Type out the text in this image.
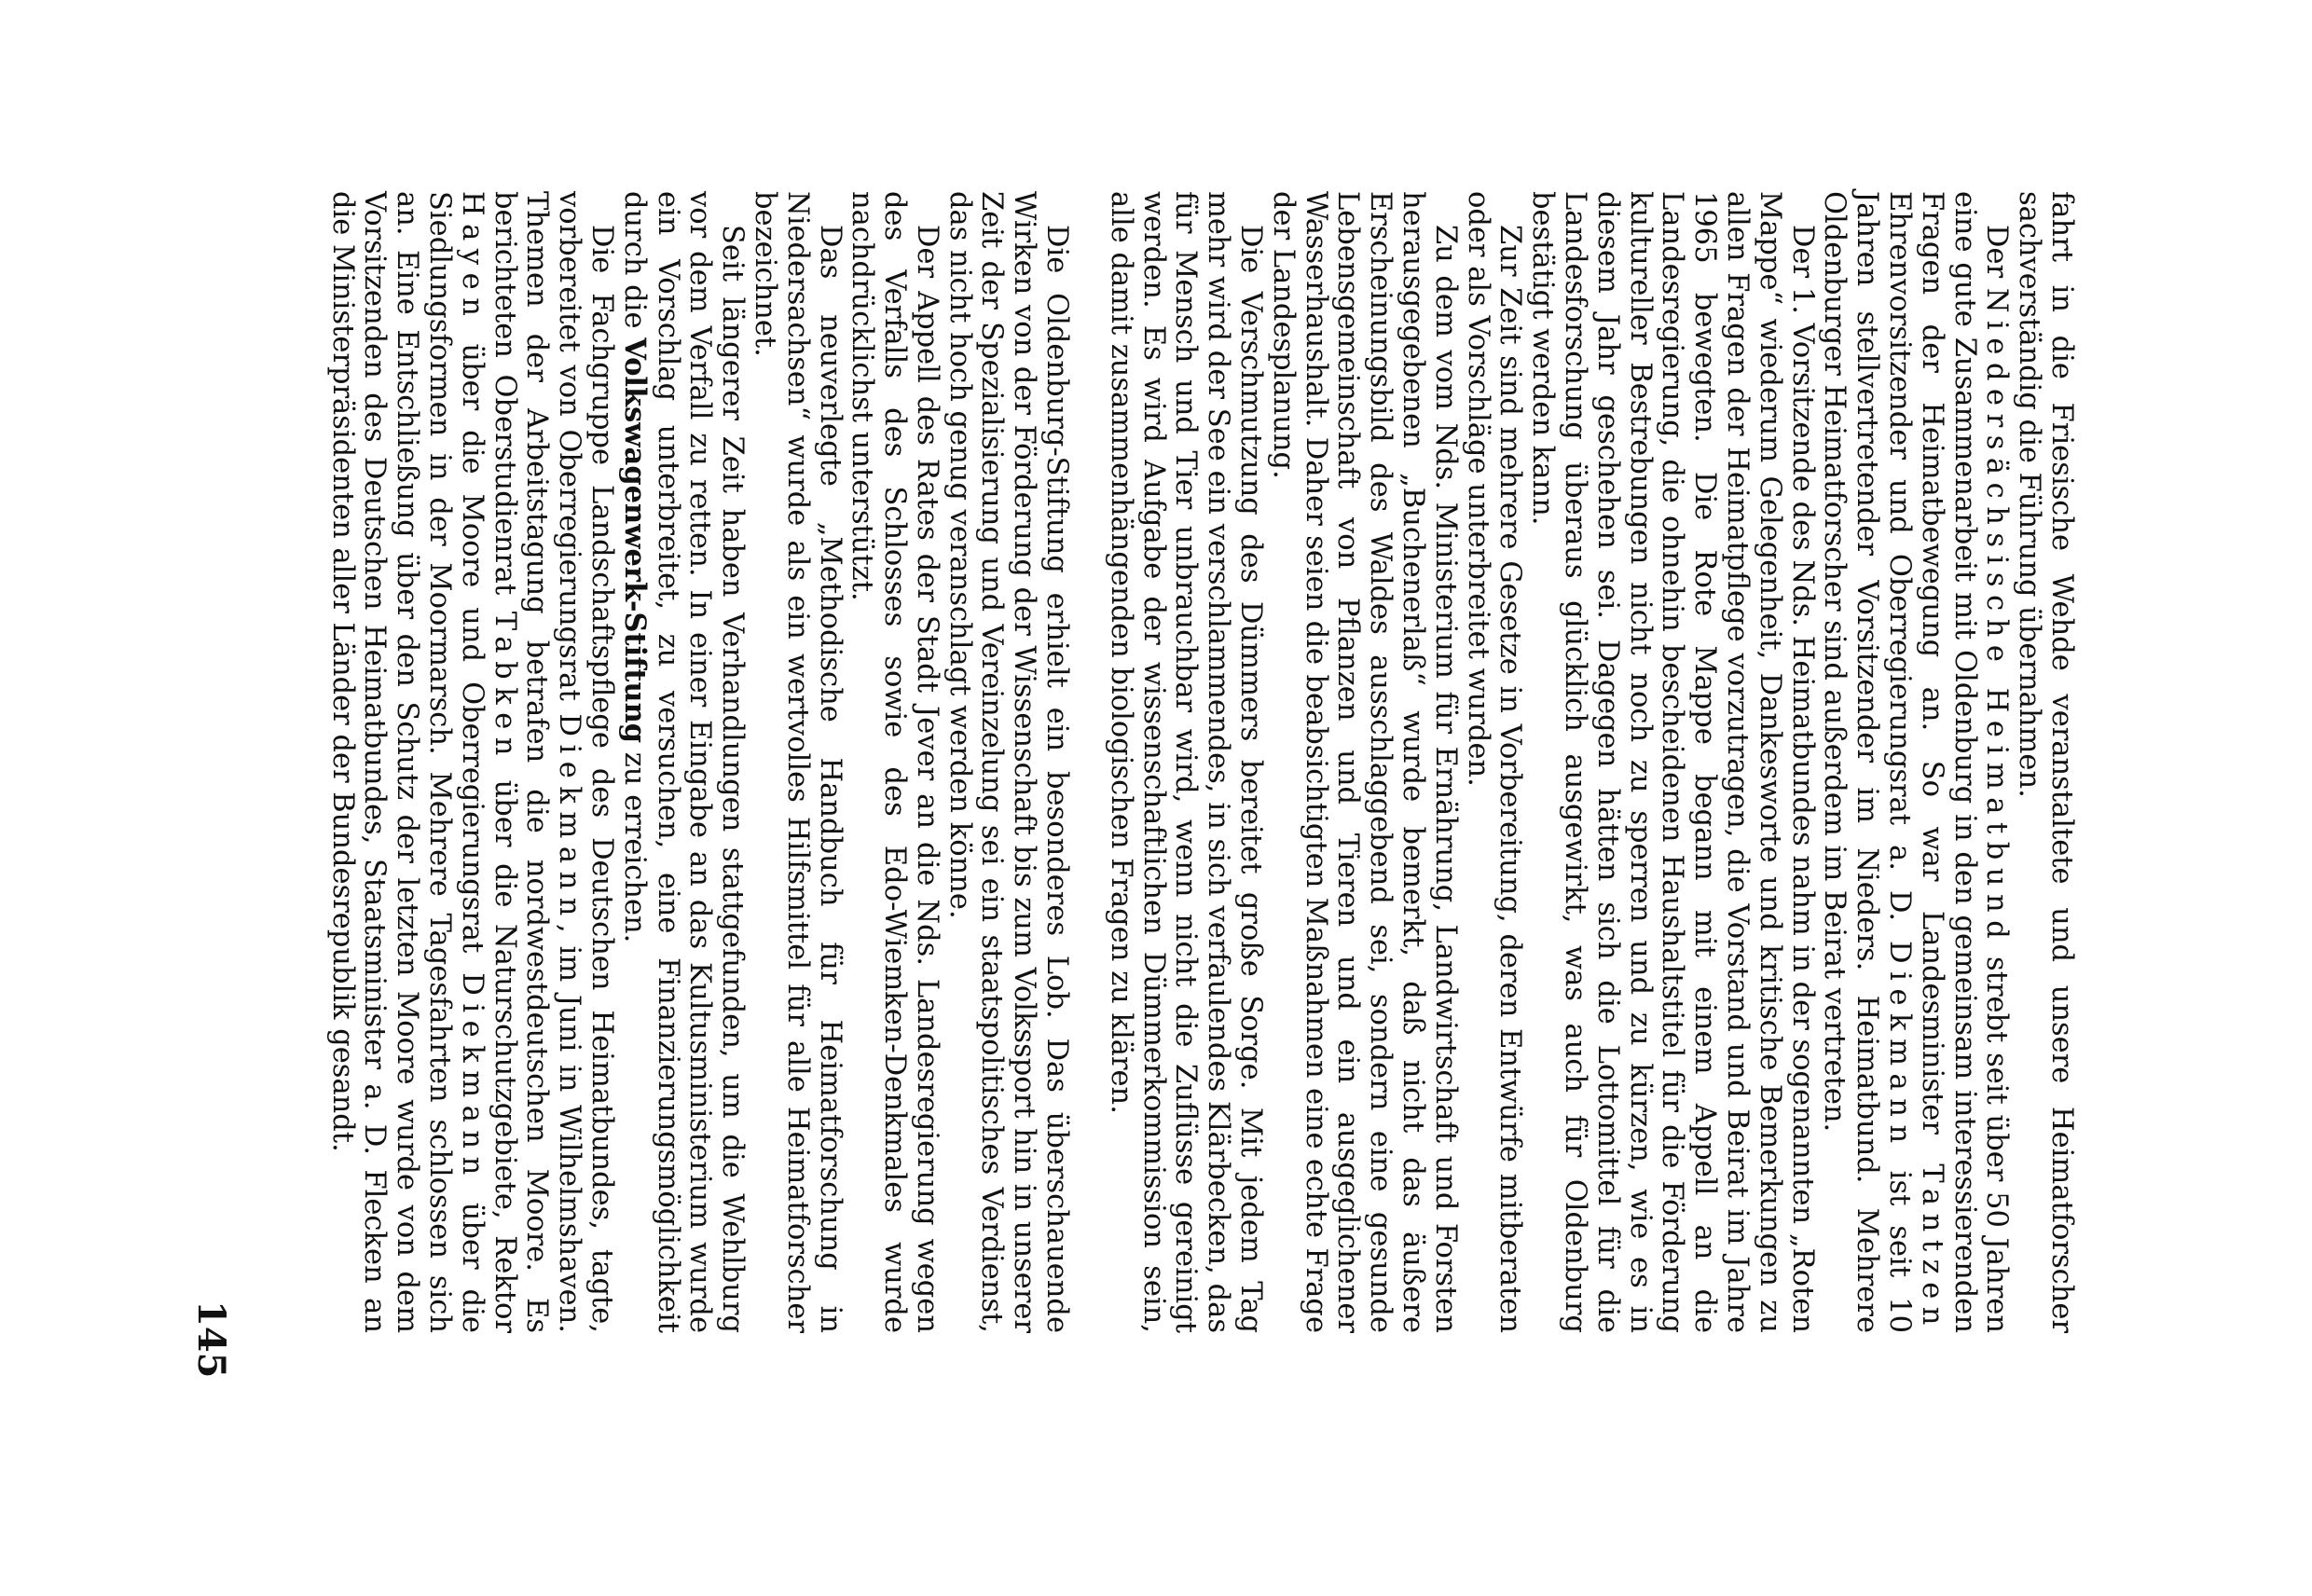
fahrt in die Friesische Wehde veranstaltete und unsere Heimatforscher sachverständig die Führung übernahmen.

Der Niedersächsische Heimatbund strebt seit über 50 Jahren eine gute Zusammenarbeit mit Oldenburg in den gemeinsam interessierenden Fragen der Heimatbewegung an. So war Landesminister Tantzen Ehrenvorsitzender und Oberregierungsrat a. D. Diekmann ist seit 10 Jahren stellvertretender Vorsitzender im Nieders. Heimatbund. Mehrere Oldenburger Heimatforscher sind außerdem im Beirat vertreten.

Der 1. Vorsitzende des Nds. Heimatbundes nahm in der sogenannten „Roten Mappe“ wiederum Gelegenheit, Dankesworte und kritische Bemerkungen zu allen Fragen der Heimatpflege vorzutragen, die Vorstand und Beirat im Jahre 1965 bewegten. Die Rote Mappe begann mit einem Appell an die Landesregierung, die ohnehin bescheidenen Haushaltstitel für die Förderung kultureller Bestrebungen nicht noch zu sperren und zu kürzen, wie es in diesem Jahr geschehen sei. Dagegen hätten sich die Lottomittel für die Landesforschung überaus glücklich ausgewirkt, was auch für Oldenburg bestätigt werden kann.

Zur Zeit sind mehrere Gesetze in Vorbereitung, deren Entwürfe mitberaten oder als Vorschläge unterbreitet wurden.

Zu dem vom Nds. Ministerium für Ernährung, Landwirtschaft und Forsten herausgegebenen „Buchenerlaß“ wurde bemerkt, daß nicht das äußere Erscheinungsbild des Waldes ausschlaggebend sei, sondern eine gesunde Lebensgemeinschaft von Pflanzen und Tieren und ein ausgeglichener Wasserhaushalt. Daher seien die beabsichtigten Maßnahmen eine echte Frage der Landesplanung.

Die Verschmutzung des Dümmers bereitet große Sorge. Mit jedem Tag mehr wird der See ein verschlammendes, in sich verfaulendes Klärbecken, das für Mensch und Tier unbrauchbar wird, wenn nicht die Zuflüsse gereinigt werden. Es wird Aufgabe der wissenschaftlichen Dümmerkommission sein, alle damit zusammenhängenden biologischen Fragen zu klären.

Die Oldenburg-Stiftung erhielt ein besonderes Lob. Das überschauende Wirken von der Förderung der Wissenschaft bis zum Volkssport hin in unserer Zeit der Spezialisierung und Vereinzelung sei ein staatspolitisches Verdienst, das nicht hoch genug veranschlagt werden könne.

Der Appell des Rates der Stadt Jever an die Nds. Landesregierung wegen des Verfalls des Schlosses sowie des Edo-Wiemken-Denkmales wurde nachdrücklichst unterstützt.

Das neuverlegte „Methodische Handbuch für Heimatforschung in Niedersachsen“ wurde als ein wertvolles Hilfsmittel für alle Heimatforscher bezeichnet.

Seit längerer Zeit haben Verhandlungen stattgefunden, um die Wehlburg vor dem Verfall zu retten. In einer Eingabe an das Kultusministerium wurde ein Vorschlag unterbreitet, zu versuchen, eine Finanzierungsmöglichkeit durch die Volkswagenwerk-Stiftung zu erreichen.

Die Fachgruppe Landschaftspflege des Deutschen Heimatbundes, tagte, vorbereitet von Oberregierungsrat Diekmann, im Juni in Wilhelmshaven. Themen der Arbeitstagung betrafen die nordwestdeutschen Moore. Es berichteten Oberstudienrat Tabken über die Naturschutzgebiete, Rektor Hayen über die Moore und Oberregierungsrat Diekmann über die Siedlungsformen in der Moormarsch. Mehrere Tagesfahrten schlossen sich an. Eine Entschließung über den Schutz der letzten Moore wurde von dem Vorsitzenden des Deutschen Heimatbundes, Staatsminister a. D. Flecken an die Ministerpräsidenten aller Länder der Bundesrepublik gesandt.

145
